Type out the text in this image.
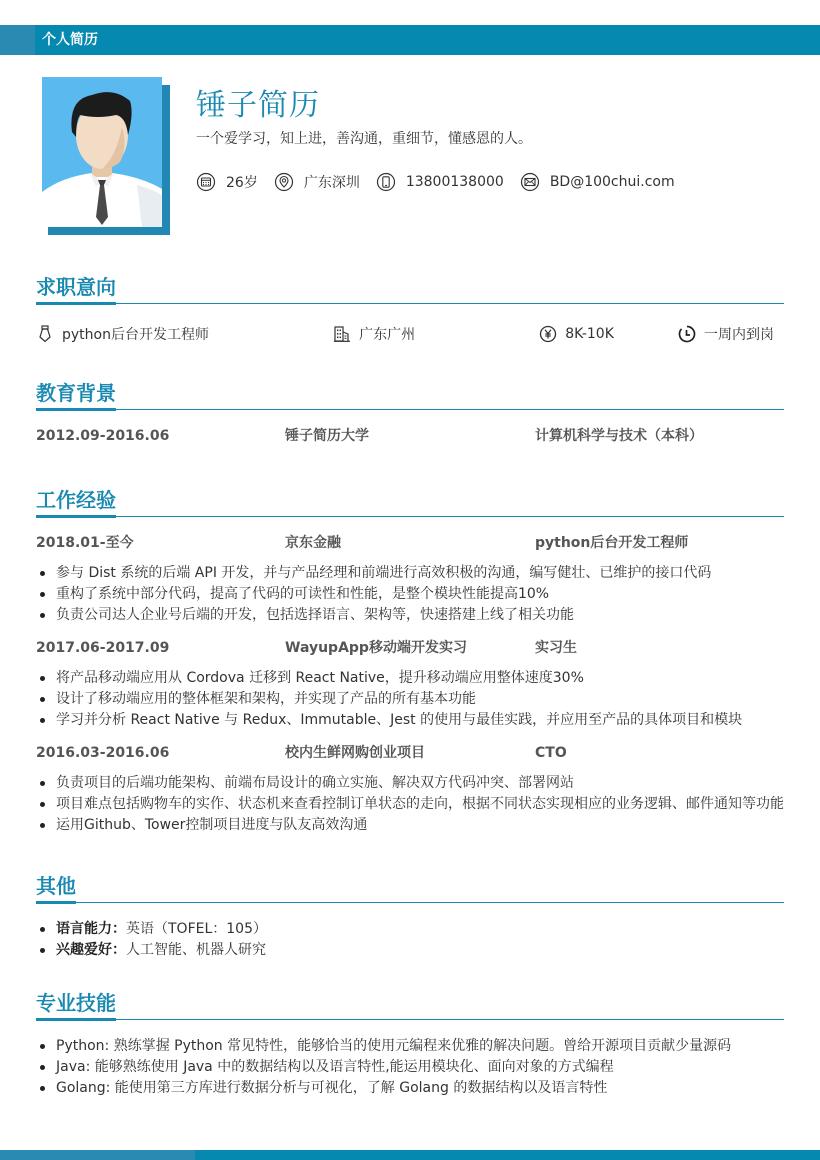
个人简历
锤子简历
一个爱学习，知上进，善沟通，重细节，懂感恩的人。
26岁	广东深圳	13800138000	BD@100chui.com
求职意向
python后台开发工程师	广东广州	8K-10K	一周内到岗
教育背景
2012.09-2016.06	锤子简历大学	计算机科学与技术（本科）
工作经验
2018.01-至今	京东金融	python后台开发工程师
参与 Dist 系统的后端 API 开发，并与产品经理和前端进行高效积极的沟通，编写健壮、已维护的接口代码
重构了系统中部分代码，提高了代码的可读性和性能，是整个模块性能提高10%
负责公司达人企业号后端的开发，包括选择语言、架构等，快速搭建上线了相关功能
2017.06-2017.09	WayupApp移动端开发实习	实习生
将产品移动端应用从 Cordova 迁移到 React Native，提升移动端应用整体速度30%
设计了移动端应用的整体框架和架构，并实现了产品的所有基本功能
学习并分析 React Native 与 Redux、Immutable、Jest 的使用与最佳实践，并应用至产品的具体项目和模块
2016.03-2016.06	校内生鲜网购创业项目	CTO
负责项目的后端功能架构、前端布局设计的确立实施、解决双方代码冲突、部署网站
项目难点包括购物车的实作、状态机来查看控制订单状态的走向，根据不同状态实现相应的业务逻辑、邮件通知等功能
运用Github、Tower控制项目进度与队友高效沟通
其他
语言能力：英语（TOFEL：105）
兴趣爱好：人工智能、机器人研究
专业技能
Python: 熟练掌握 Python 常见特性，能够恰当的使用元编程来优雅的解决问题。曾给开源项目贡献少量源码
Java: 能够熟练使用 Java 中的数据结构以及语言特性,能运用模块化、面向对象的方式编程
Golang: 能使用第三方库进行数据分析与可视化，了解 Golang 的数据结构以及语言特性
